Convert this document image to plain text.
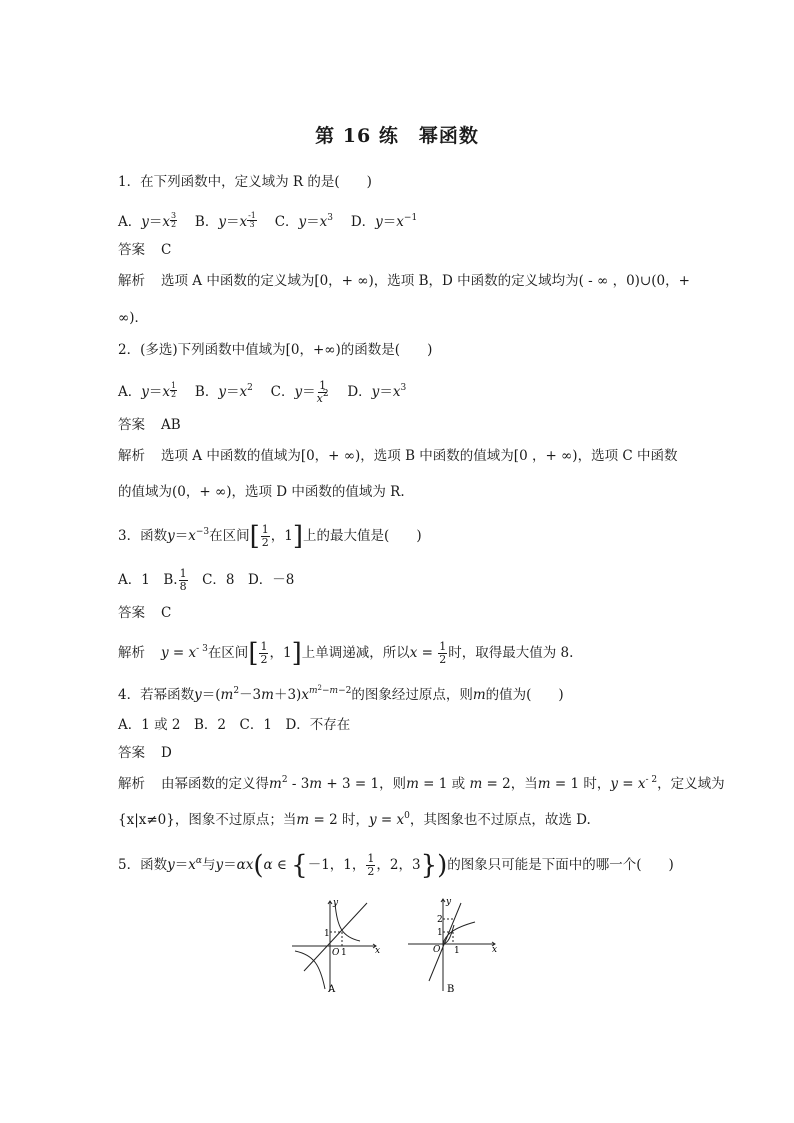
第 16 练　幂函数
1．在下列函数中，定义域为 R 的是(　　)
A．$y=x \frac{3}{2}$
　 B．$y=x \frac{-1}{3}$
　 C．$y=x^3$ 　 D．$y=x^{-1}$
答案 C
解析 选项 A 中函数的定义域为[0，+ ∞)，选项 B，D 中函数的定义域均为( - ∞ ，0)∪(0，+
∞)．
2．(多选)下列函数中值域为[0，+∞)的函数是(　　)
A．$y=x \frac{1}{2}$ 　B．$y=x^2$ 　C．$y= \frac{1}{x^2}$ 　D．$y=x^3$
答案 AB
解析 选项 A 中函数的值域为[0，+ ∞)，选项 B 中函数的值域为[0 ，+ ∞)，选项 C 中函数
的值域为(0，+ ∞)，选项 D 中函数的值域为 R.
3．函数$y=x^{-3}$在区间[ $\frac{1}{2}$ ，1]上的最大值是(　　)
A．1　B. $\frac{1}{8}$
　 C．8　D．－8
答案 C
解析 $y = x^{- 3}$在区间[ $\frac{1}{2}$ ，1]上单调递减，所以$x = \frac{1}{2}$ 时，取得最大值为 8.
4．若幂函数$y=(m^2-3m+3)x^{m^2-m-2}$的图象经过原点，则m的值为(　　)
A．1 或 2　B．2　C．1　D．不存在
答案 D
解析 由幂函数的定义得$m^2 - 3m + 3 = 1$，则m = 1 或 m = 2，当m = 1 时，$y = x^{- 2}$，定义域为
{x|x≠0}，图象不过原点；当m = 2 时，$y = x^0$，其图象也不过原点，故选 D.
5．函数$y=x^\alpha$与y＝αx(α ∈ {－1，1， $\frac{1}{2}$ ，2，3})的图象只可能是下面中的哪一个(　　)
y
x
O 1
1
A
y
x
O 1
1
2
B
